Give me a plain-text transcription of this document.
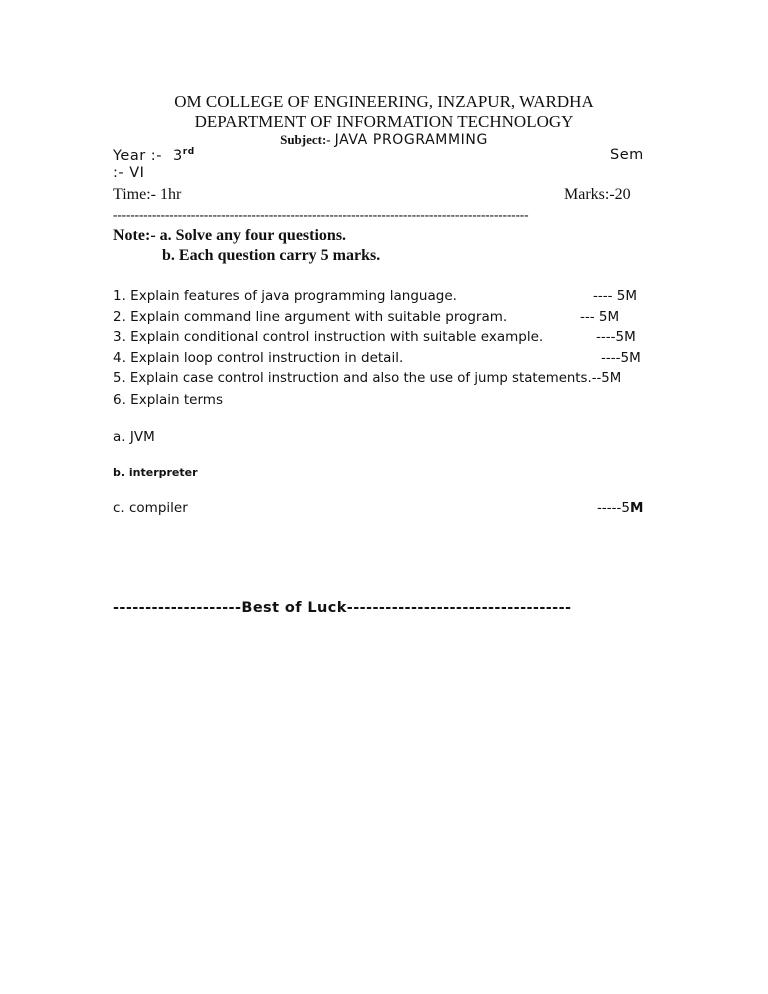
OM COLLEGE OF ENGINEERING, INZAPUR, WARDHA
DEPARTMENT OF INFORMATION TECHNOLOGY
Subject:- JAVA PROGRAMMING
Year :- 3rd	Sem
:- VI
Time:- 1hr	Marks:-20
------------------------------------------------------------------------------------------------
Note:- a. Solve any four questions.
b. Each question carry 5 marks.
1. Explain features of java programming language.	---- 5M
2. Explain command line argument with suitable program.	--- 5M
3. Explain conditional control instruction with suitable example.	----5M
4. Explain loop control instruction in detail.	----5M
5. Explain case control instruction and also the use of jump statements.--5M
6. Explain terms
a. JVM
b. interpreter
c. compiler	-----5M
--------------------Best of Luck-----------------------------------
